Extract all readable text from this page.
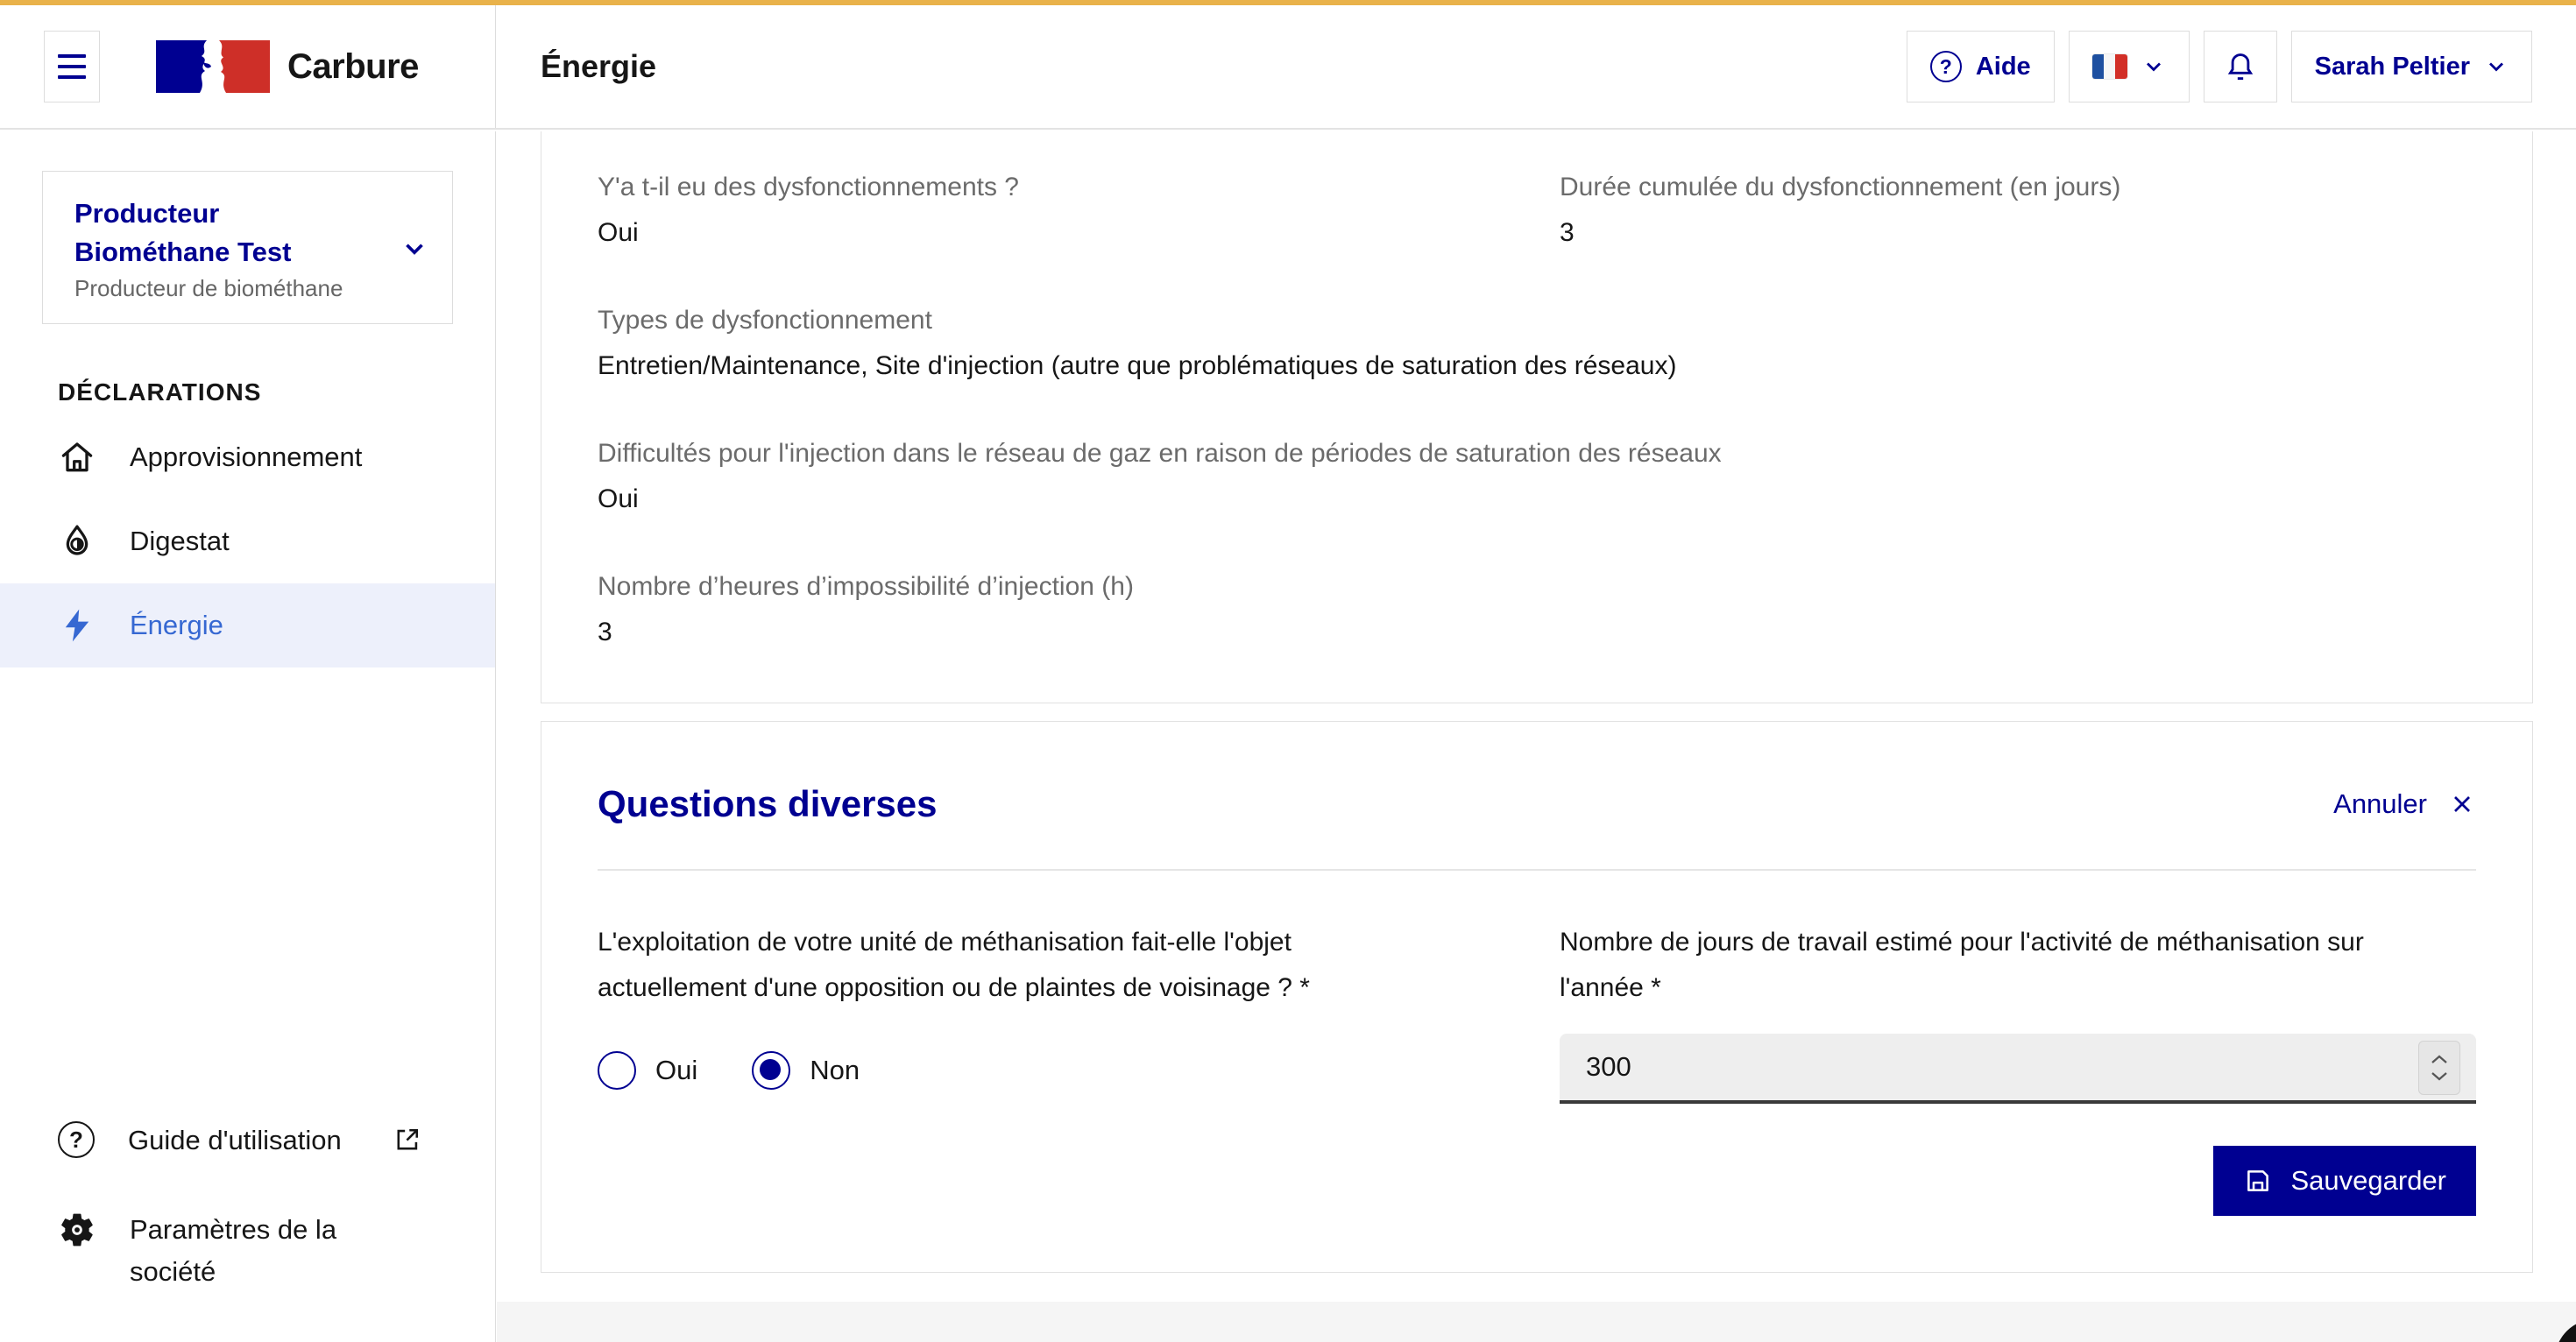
Carbure	Énergie	? Aide	Sarah Peltier
Producteur Biométhane Test
Producteur de biométhane
DÉCLARATIONS
Approvisionnement
Digestat
Énergie
?	Guide d'utilisation
Paramètres de la société
Y'a t-il eu des dysfonctionnements ?
Oui
Durée cumulée du dysfonctionnement (en jours)
3
Types de dysfonctionnement
Entretien/Maintenance, Site d'injection (autre que problématiques de saturation des réseaux)
Difficultés pour l'injection dans le réseau de gaz en raison de périodes de saturation des réseaux
Oui
Nombre d’heures d’impossibilité d’injection (h)
3
Questions diverses	Annuler
L'exploitation de votre unité de méthanisation fait-elle l'objet actuellement d'une opposition ou de plaintes de voisinage ? *
Oui	Non
Nombre de jours de travail estimé pour l'activité de méthanisation sur l'année *
300
Sauvegarder
